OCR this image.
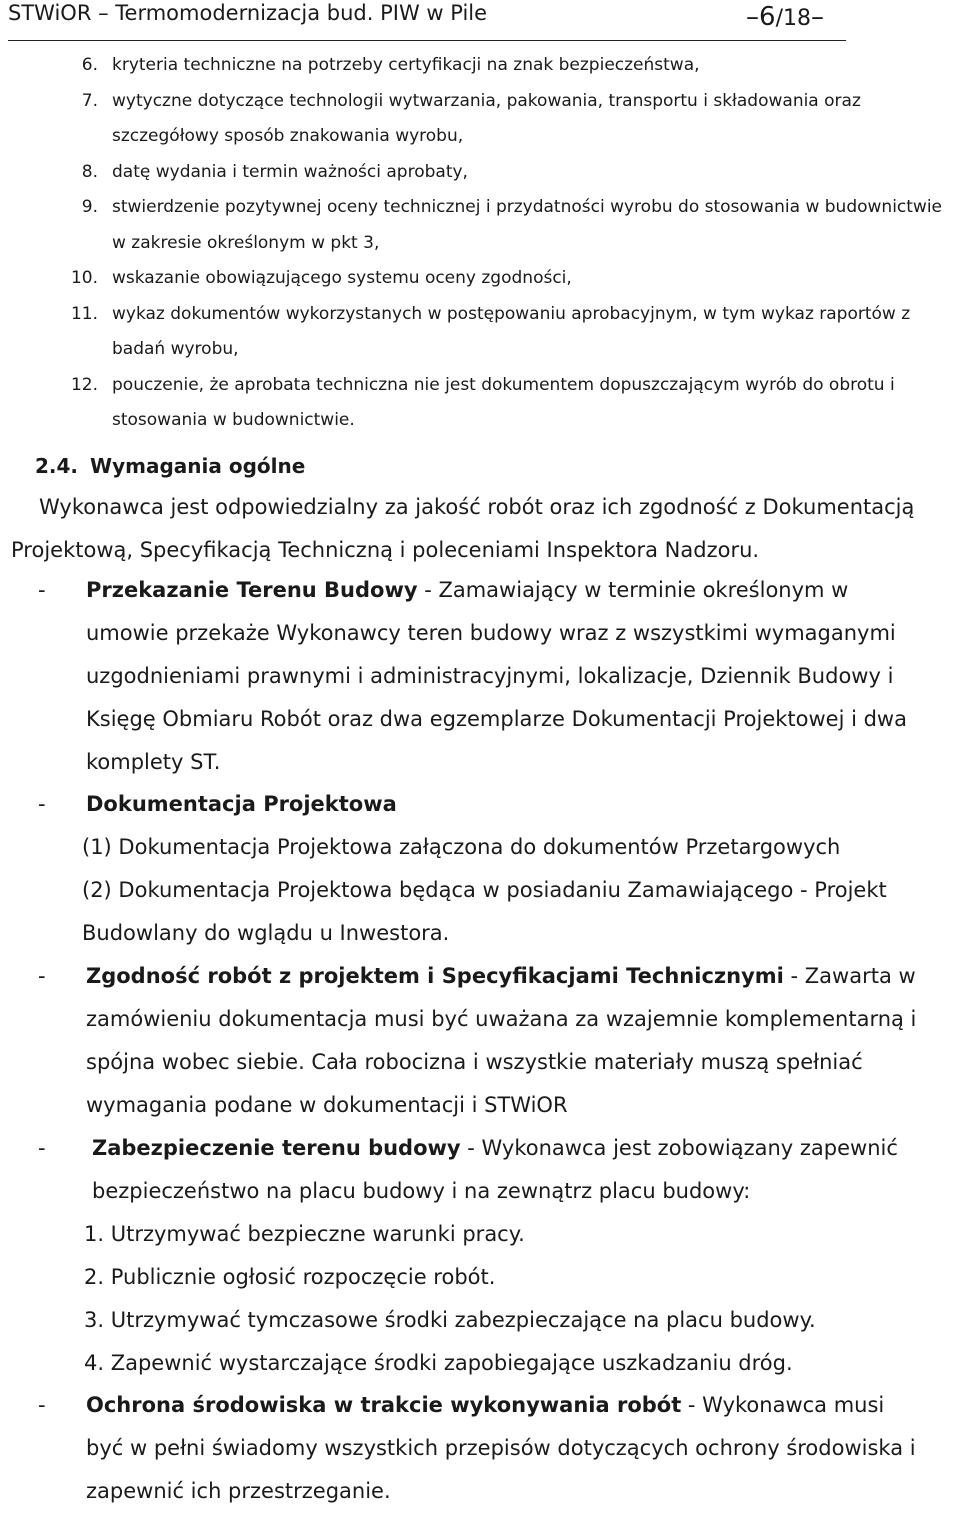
STWiOR – Termomodernizacja bud. PIW w Pile	–6/18–
6. kryteria techniczne na potrzeby certyfikacji na znak bezpieczeństwa,
7. wytyczne dotyczące technologii wytwarzania, pakowania, transportu i składowania oraz szczegółowy sposób znakowania wyrobu,
8. datę wydania i termin ważności aprobaty,
9. stwierdzenie pozytywnej oceny technicznej i przydatności wyrobu do stosowania w budownictwie w zakresie określonym w pkt 3,
10. wskazanie obowiązującego systemu oceny zgodności,
11. wykaz dokumentów wykorzystanych w postępowaniu aprobacyjnym, w tym wykaz raportów z badań wyrobu,
12. pouczenie, że aprobata techniczna nie jest dokumentem dopuszczającym wyrób do obrotu i stosowania w budownictwie.
2.4. Wymagania ogólne

Wykonawca jest odpowiedzialny za jakość robót oraz ich zgodność z Dokumentacją Projektową, Specyfikacją Techniczną i poleceniami Inspektora Nadzoru.

- Przekazanie Terenu Budowy - Zamawiający w terminie określonym w umowie przekaże Wykonawcy teren budowy wraz z wszystkimi wymaganymi uzgodnieniami prawnymi i administracyjnymi, lokalizacje, Dziennik Budowy i Księgę Obmiaru Robót oraz dwa egzemplarze Dokumentacji Projektowej i dwa komplety ST.
- Dokumentacja Projektowa
(1) Dokumentacja Projektowa załączona do dokumentów Przetargowych
(2) Dokumentacja Projektowa będąca w posiadaniu Zamawiającego - Projekt Budowlany do wglądu u Inwestora.
- Zgodność robót z projektem i Specyfikacjami Technicznymi - Zawarta w zamówieniu dokumentacja musi być uważana za wzajemnie komplementarną i spójna wobec siebie. Cała robocizna i wszystkie materiały muszą spełniać wymagania podane w dokumentacji i STWiOR
- Zabezpieczenie terenu budowy - Wykonawca jest zobowiązany zapewnić bezpieczeństwo na placu budowy i na zewnątrz placu budowy:
1. Utrzymywać bezpieczne warunki pracy.
2. Publicznie ogłosić rozpoczęcie robót.
3. Utrzymywać tymczasowe środki zabezpieczające na placu budowy.
4. Zapewnić wystarczające środki zapobiegające uszkadzaniu dróg.
- Ochrona środowiska w trakcie wykonywania robót - Wykonawca musi być w pełni świadomy wszystkich przepisów dotyczących ochrony środowiska i zapewnić ich przestrzeganie.
